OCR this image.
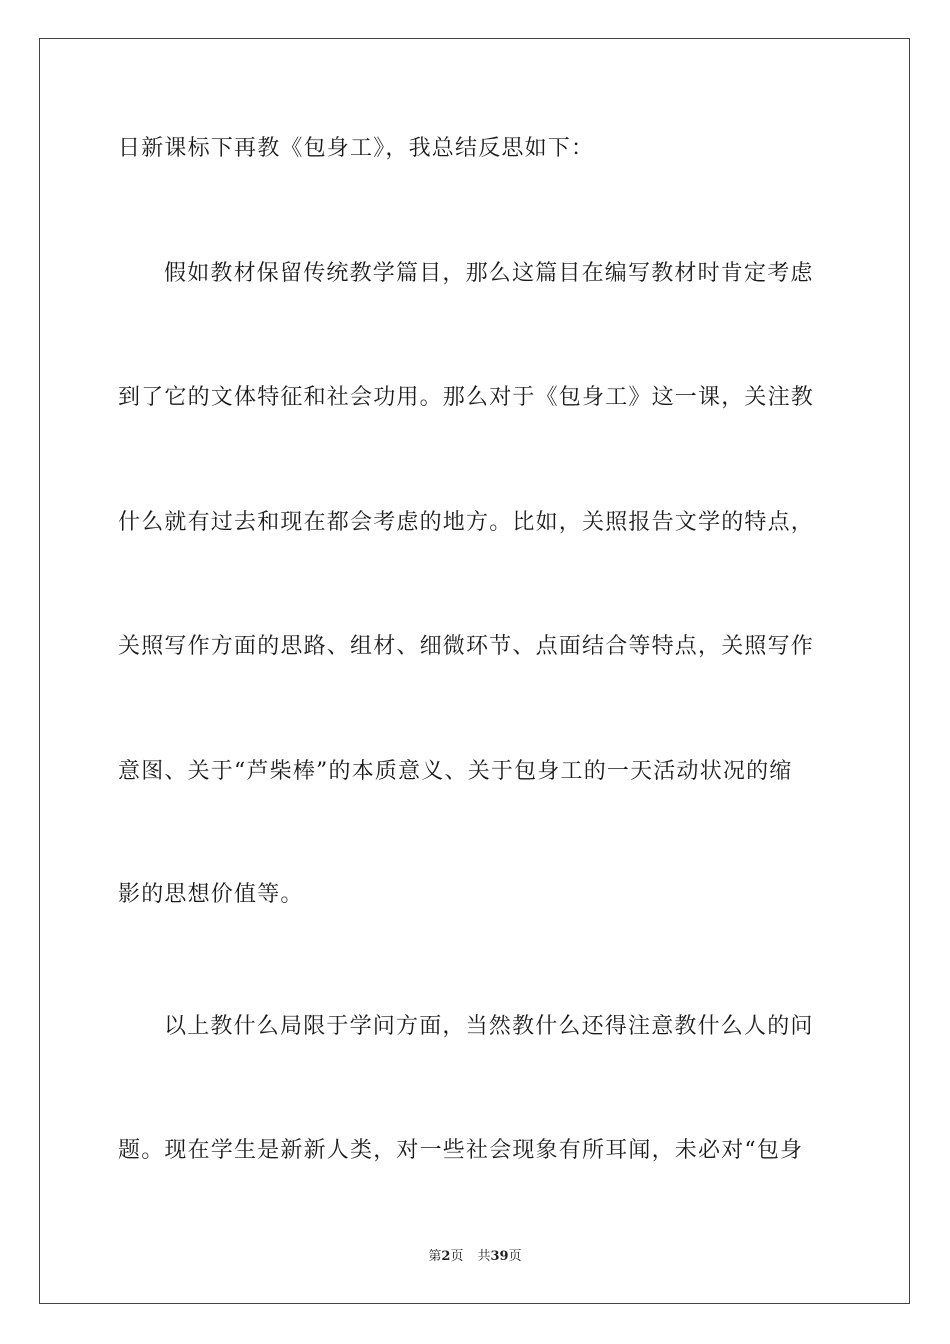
日新课标下再教《包身工》，我总结反思如下：
假如教材保留传统教学篇目，那么这篇目在编写教材时肯定考虑
到了它的文体特征和社会功用。那么对于《包身工》这一课，关注教
什么就有过去和现在都会考虑的地方。比如，关照报告文学的特点，
关照写作方面的思路、组材、细微环节、点面结合等特点，关照写作
意图、关于“芦柴棒”的本质意义、关于包身工的一天活动状况的缩
影的思想价值等。
以上教什么局限于学问方面，当然教什么还得注意教什么人的问
题。现在学生是新新人类，对一些社会现象有所耳闻，未必对“包身
第2页 共39页
